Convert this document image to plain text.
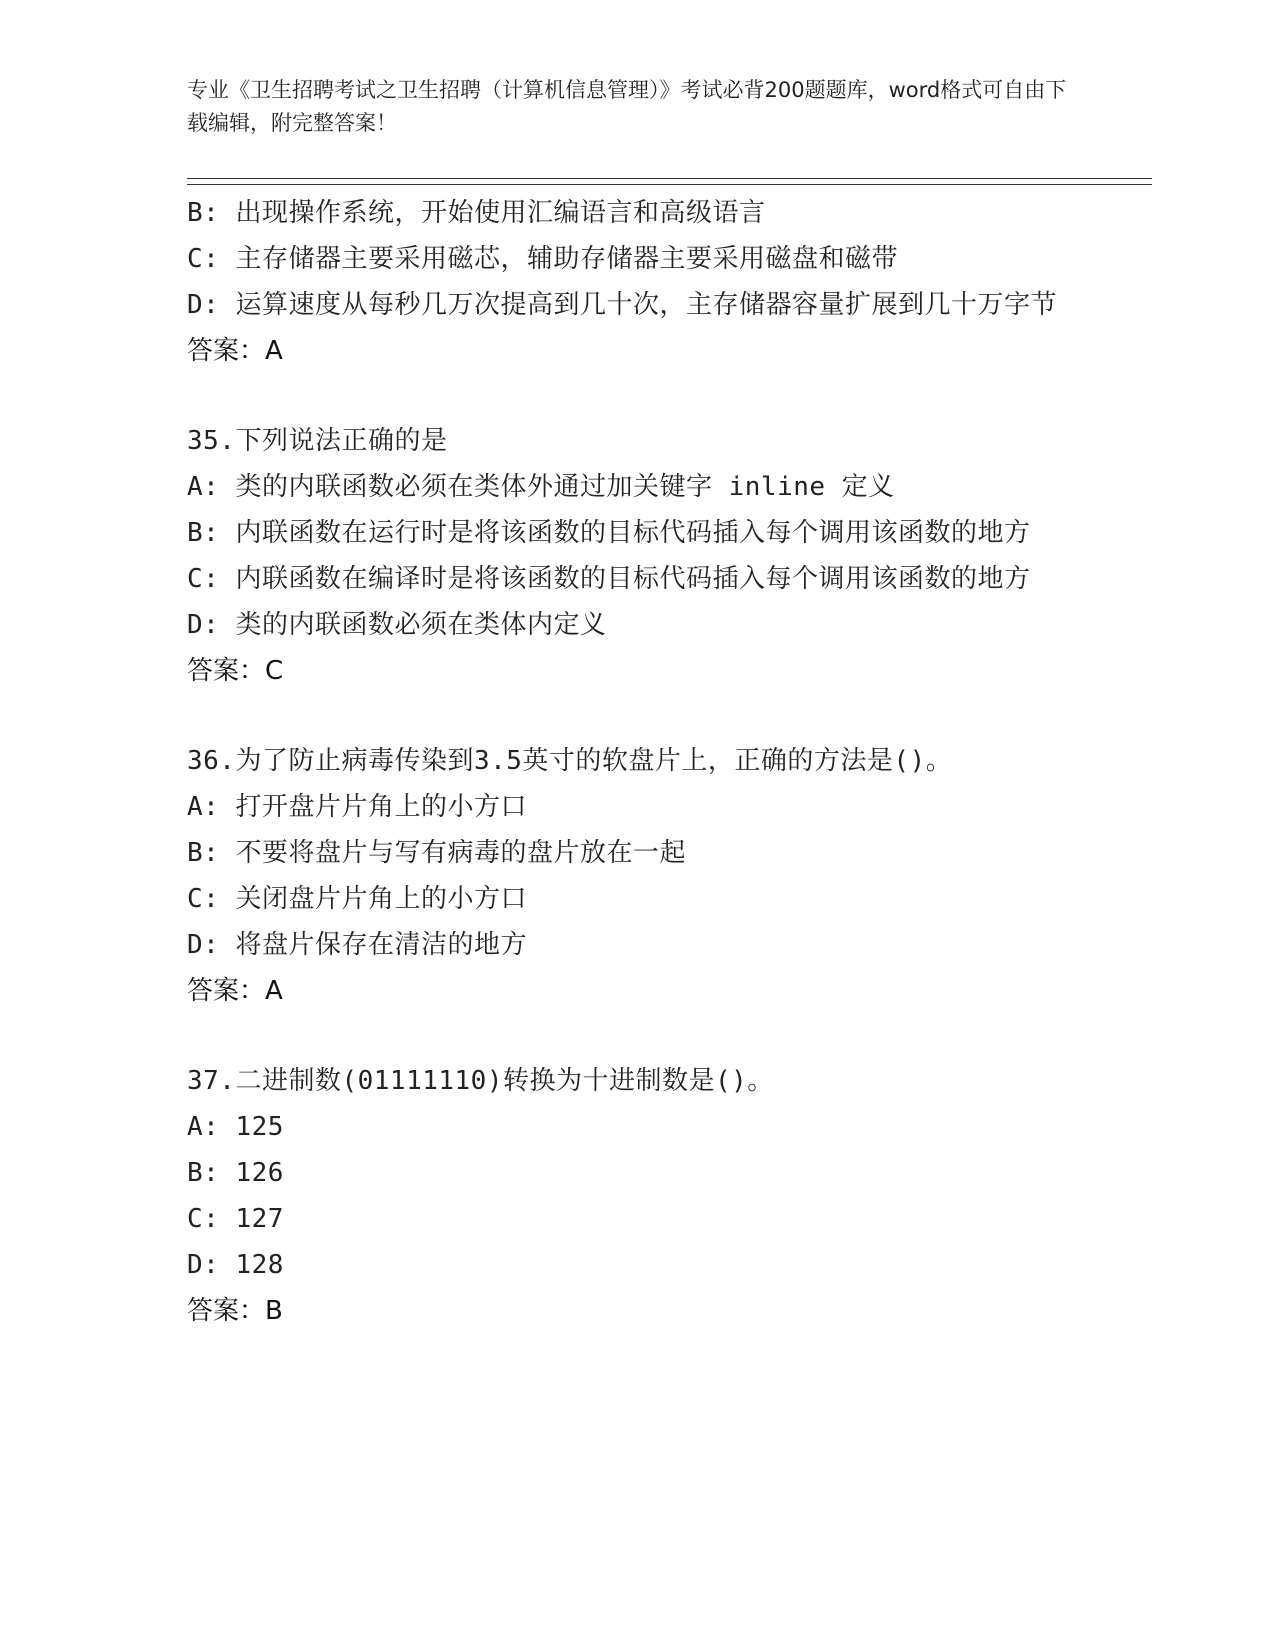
专业《卫生招聘考试之卫生招聘（计算机信息管理）》考试必背200题题库，word格式可自由下载编辑，附完整答案！

B: 出现操作系统，开始使用汇编语言和高级语言

C: 主存储器主要采用磁芯，辅助存储器主要采用磁盘和磁带

D: 运算速度从每秒几万次提高到几十次，主存储器容量扩展到几十万字节

答案：A

35.下列说法正确的是

A: 类的内联函数必须在类体外通过加关键字 inline 定义

B: 内联函数在运行时是将该函数的目标代码插入每个调用该函数的地方

C: 内联函数在编译时是将该函数的目标代码插入每个调用该函数的地方

D: 类的内联函数必须在类体内定义

答案：C

36.为了防止病毒传染到3.5英寸的软盘片上，正确的方法是()。

A: 打开盘片片角上的小方口

B: 不要将盘片与写有病毒的盘片放在一起

C: 关闭盘片片角上的小方口

D: 将盘片保存在清洁的地方

答案：A

37.二进制数(01111110)转换为十进制数是()。

A: 125

B: 126

C: 127

D: 128

答案：B
